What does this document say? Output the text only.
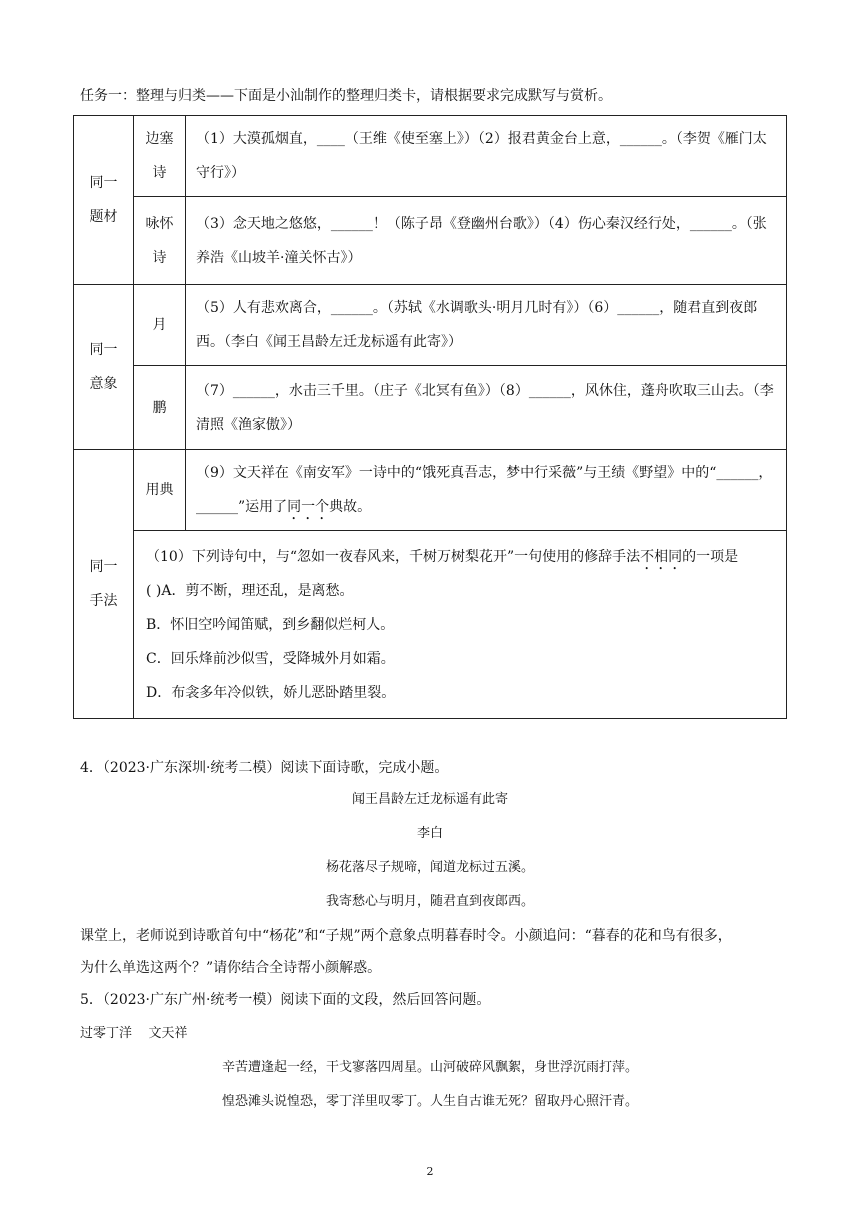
任务一：整理与归类——下面是小汕制作的整理归类卡，请根据要求完成默写与赏析。
同一题材	边塞诗	（1）大漠孤烟直，____（王维《使至塞上》）（2）报君黄金台上意，______。（李贺《雁门太守行》）

	咏怀诗	（3）念天地之悠悠，______！（陈子昂《登幽州台歌》）（4）伤心秦汉经行处，______。（张养浩《山坡羊·潼关怀古》）

同一意象	月	（5）人有悲欢离合，______。（苏轼《水调歌头·明月几时有》）（6）______，随君直到夜郎西。（李白《闻王昌龄左迁龙标遥有此寄》）

	鹏	（7）______，水击三千里。（庄子《北冥有鱼》）（8）______，风休住，蓬舟吹取三山去。（李清照《渔家傲》）

同一手法	用典	（9）文天祥在《南安军》一诗中的“饿死真吾志，梦中行采薇”与王绩《野望》中的“______，______”运用了同一个典故。

	（10）下列诗句中，与“忽如一夜春风来，千树万树梨花开”一句使用的修辞手法不相同的一项是
( )A．剪不断，理还乱，是离愁。
B．怀旧空吟闻笛赋，到乡翻似烂柯人。
C．回乐烽前沙似雪，受降城外月如霜。
D．布衾多年冷似铁，娇儿恶卧踏里裂。	
4．（2023·广东深圳·统考二模）阅读下面诗歌，完成小题。
闻王昌龄左迁龙标遥有此寄
李白
杨花落尽子规啼，闻道龙标过五溪。
我寄愁心与明月，随君直到夜郎西。
课堂上，老师说到诗歌首句中“杨花”和“子规”两个意象点明暮春时令。小颜追问：“暮春的花和鸟有很多，
为什么单选这两个？”请你结合全诗帮小颜解惑。
5．（2023·广东广州·统考一模）阅读下面的文段，然后回答问题。
过零丁洋    文天祥
辛苦遭逢起一经，干戈寥落四周星。山河破碎风飘絮，身世浮沉雨打萍。
惶恐滩头说惶恐，零丁洋里叹零丁。人生自古谁无死？留取丹心照汗青。
2
